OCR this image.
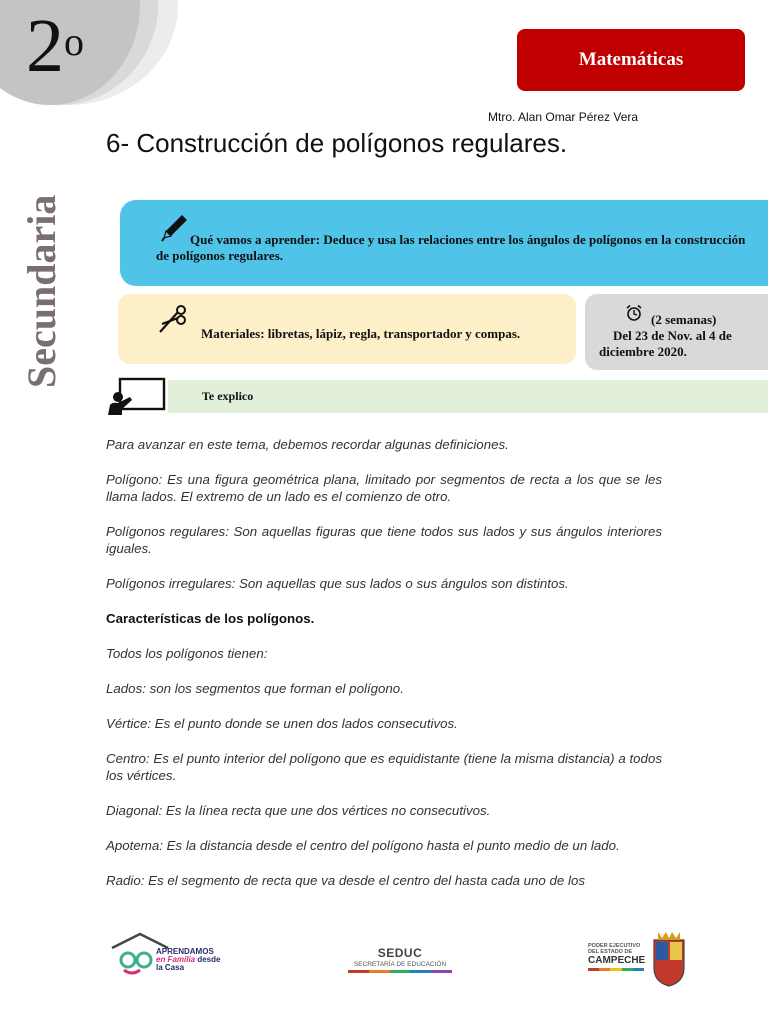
2$^o$
Secundaria
Matemáticas
Mtro. Alan Omar Pérez Vera
6- Construcción de polígonos regulares.
Qué vamos a aprender: Deduce y usa las relaciones entre los ángulos de polígonos en la construcción de polígonos regulares.
Materiales: libretas, lápiz, regla, transportador y compas.
(2 semanas)
Del 23 de Nov. al 4 de diciembre 2020.
Te explico

Para avanzar en este tema, debemos recordar algunas definiciones.

Polígono: Es una figura geométrica plana, limitado por segmentos de recta a los que se les llama lados. El extremo de un lado es el comienzo de otro.

Polígonos regulares: Son aquellas figuras que tiene todos sus lados y sus ángulos interiores iguales.

Polígonos irregulares: Son aquellas que sus lados o sus ángulos son distintos.

Características de los polígonos.

Todos los polígonos tienen:

Lados: son los segmentos que forman el polígono.

Vértice: Es el punto donde se unen dos lados consecutivos.

Centro: Es el punto interior del polígono que es equidistante (tiene la misma distancia) a todos los vértices.

Diagonal: Es la línea recta que une dos vértices no consecutivos.

Apotema: Es la distancia desde el centro del polígono hasta el punto medio de un lado.

Radio: Es el segmento de recta que va desde el centro del hasta cada uno de los

APRENDAMOS
en Familia desde
la Casa
SEDUC
SECRETARÍA DE EDUCACIÓN
PODER EJECUTIVO
DEL ESTADO DE
CAMPECHE
